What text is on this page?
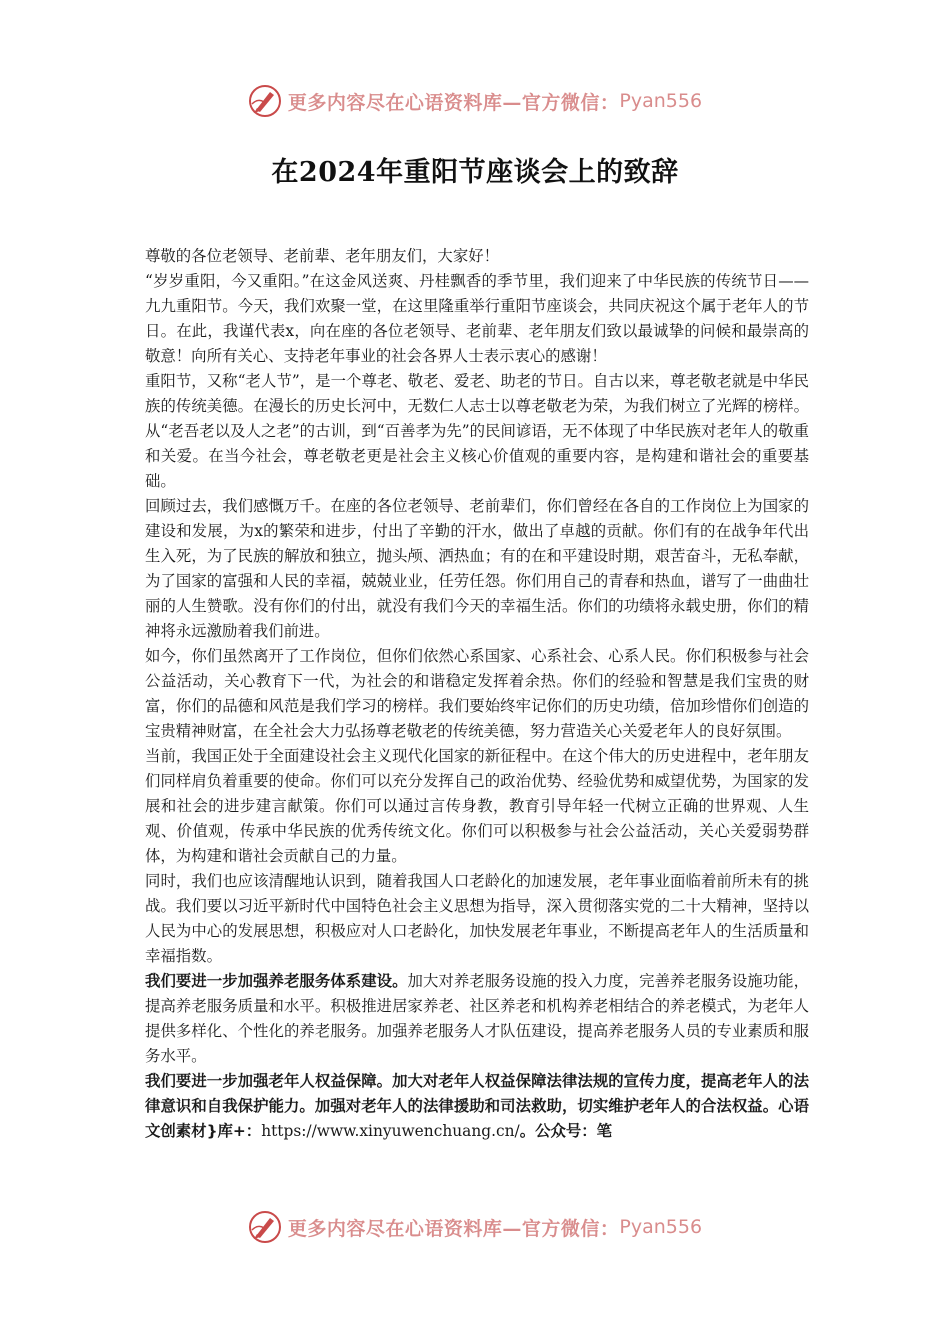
更多内容尽在心语资料库—官方微信： Pyan556
在2024年重阳节座谈会上的致辞

尊敬的各位老领导、老前辈、老年朋友们，大家好！

“岁岁重阳，今又重阳。”在这金风送爽、丹桂飘香的季节里，我们迎来了中华民族的传统节日——九九重阳节。今天，我们欢聚一堂，在这里隆重举行重阳节座谈会，共同庆祝这个属于老年人的节日。在此，我谨代表x，向在座的各位老领导、老前辈、老年朋友们致以最诚挚的问候和最崇高的敬意！向所有关心、支持老年事业的社会各界人士表示衷心的感谢！

重阳节，又称“老人节”，是一个尊老、敬老、爱老、助老的节日。自古以来，尊老敬老就是中华民族的传统美德。在漫长的历史长河中，无数仁人志士以尊老敬老为荣，为我们树立了光辉的榜样。从“老吾老以及人之老”的古训，到“百善孝为先”的民间谚语，无不体现了中华民族对老年人的敬重和关爱。在当今社会，尊老敬老更是社会主义核心价值观的重要内容，是构建和谐社会的重要基础。

回顾过去，我们感慨万千。在座的各位老领导、老前辈们，你们曾经在各自的工作岗位上为国家的建设和发展，为x的繁荣和进步，付出了辛勤的汗水，做出了卓越的贡献。你们有的在战争年代出生入死，为了民族的解放和独立，抛头颅、洒热血；有的在和平建设时期，艰苦奋斗，无私奉献，为了国家的富强和人民的幸福，兢兢业业，任劳任怨。你们用自己的青春和热血，谱写了一曲曲壮丽的人生赞歌。没有你们的付出，就没有我们今天的幸福生活。你们的功绩将永载史册，你们的精神将永远激励着我们前进。

如今，你们虽然离开了工作岗位，但你们依然心系国家、心系社会、心系人民。你们积极参与社会公益活动，关心教育下一代，为社会的和谐稳定发挥着余热。你们的经验和智慧是我们宝贵的财富，你们的品德和风范是我们学习的榜样。我们要始终牢记你们的历史功绩，倍加珍惜你们创造的宝贵精神财富，在全社会大力弘扬尊老敬老的传统美德，努力营造关心关爱老年人的良好氛围。

当前，我国正处于全面建设社会主义现代化国家的新征程中。在这个伟大的历史进程中，老年朋友们同样肩负着重要的使命。你们可以充分发挥自己的政治优势、经验优势和威望优势，为国家的发展和社会的进步建言献策。你们可以通过言传身教，教育引导年轻一代树立正确的世界观、人生观、价值观，传承中华民族的优秀传统文化。你们可以积极参与社会公益活动，关心关爱弱势群体，为构建和谐社会贡献自己的力量。

同时，我们也应该清醒地认识到，随着我国人口老龄化的加速发展，老年事业面临着前所未有的挑战。我们要以习近平新时代中国特色社会主义思想为指导，深入贯彻落实党的二十大精神，坚持以人民为中心的发展思想，积极应对人口老龄化，加快发展老年事业，不断提高老年人的生活质量和幸福指数。

我们要进一步加强养老服务体系建设。加大对养老服务设施的投入力度，完善养老服务设施功能，提高养老服务质量和水平。积极推进居家养老、社区养老和机构养老相结合的养老模式，为老年人提供多样化、个性化的养老服务。加强养老服务人才队伍建设，提高养老服务人员的专业素质和服务水平。

我们要进一步加强老年人权益保障。加大对老年人权益保障法律法规的宣传力度，提高老年人的法律意识和自我保护能力。加强对老年人的法律援助和司法救助，切实维护老年人的合法权益。心语文创素材}库+：https://www.xinyuwenchuang.cn/。公众号：笔

更多内容尽在心语资料库—官方微信： Pyan556
